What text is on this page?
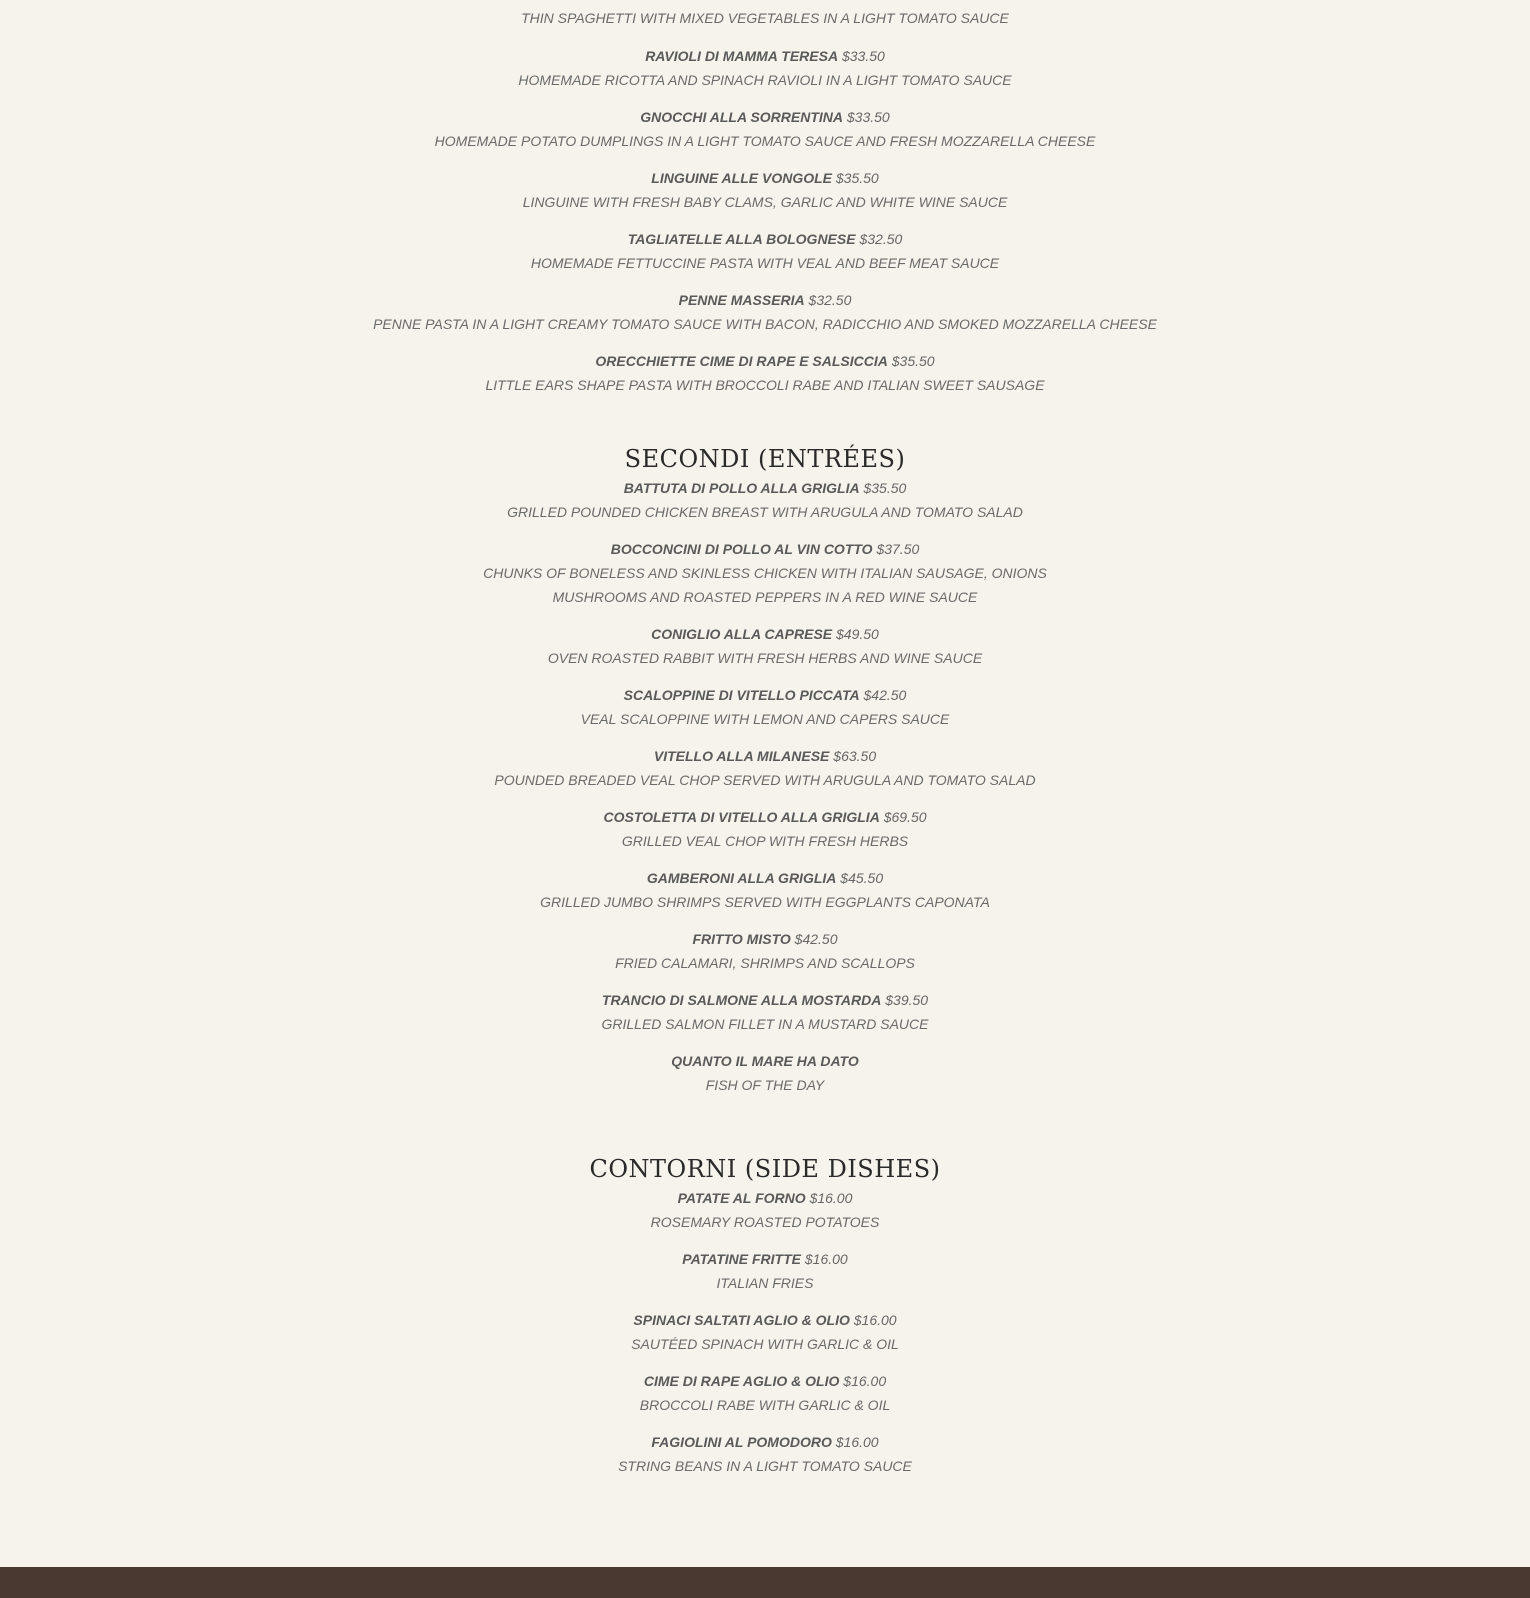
THIN SPAGHETTI WITH MIXED VEGETABLES IN A LIGHT TOMATO SAUCE
RAVIOLI DI MAMMA TERESA $33.50
HOMEMADE RICOTTA AND SPINACH RAVIOLI IN A LIGHT TOMATO SAUCE
GNOCCHI ALLA SORRENTINA $33.50
HOMEMADE POTATO DUMPLINGS IN A LIGHT TOMATO SAUCE AND FRESH MOZZARELLA CHEESE
LINGUINE ALLE VONGOLE $35.50
LINGUINE WITH FRESH BABY CLAMS, GARLIC AND WHITE WINE SAUCE
TAGLIATELLE ALLA BOLOGNESE $32.50
HOMEMADE FETTUCCINE PASTA WITH VEAL AND BEEF MEAT SAUCE
PENNE MASSERIA $32.50
PENNE PASTA IN A LIGHT CREAMY TOMATO SAUCE WITH BACON, RADICCHIO AND SMOKED MOZZARELLA CHEESE
ORECCHIETTE CIME DI RAPE E SALSICCIA $35.50
LITTLE EARS SHAPE PASTA WITH BROCCOLI RABE AND ITALIAN SWEET SAUSAGE
SECONDI (ENTRÉES)
BATTUTA DI POLLO ALLA GRIGLIA $35.50
GRILLED POUNDED CHICKEN BREAST WITH ARUGULA AND TOMATO SALAD
BOCCONCINI DI POLLO AL VIN COTTO $37.50
CHUNKS OF BONELESS AND SKINLESS CHICKEN WITH ITALIAN SAUSAGE, ONIONS
MUSHROOMS AND ROASTED PEPPERS IN A RED WINE SAUCE
CONIGLIO ALLA CAPRESE $49.50
OVEN ROASTED RABBIT WITH FRESH HERBS AND WINE SAUCE
SCALOPPINE DI VITELLO PICCATA $42.50
VEAL SCALOPPINE WITH LEMON AND CAPERS SAUCE
VITELLO ALLA MILANESE $63.50
POUNDED BREADED VEAL CHOP SERVED WITH ARUGULA AND TOMATO SALAD
COSTOLETTA DI VITELLO ALLA GRIGLIA $69.50
GRILLED VEAL CHOP WITH FRESH HERBS
GAMBERONI ALLA GRIGLIA $45.50
GRILLED JUMBO SHRIMPS SERVED WITH EGGPLANTS CAPONATA
FRITTO MISTO $42.50
FRIED CALAMARI, SHRIMPS AND SCALLOPS
TRANCIO DI SALMONE ALLA MOSTARDA $39.50
GRILLED SALMON FILLET IN A MUSTARD SAUCE
QUANTO IL MARE HA DATO
FISH OF THE DAY
CONTORNI (SIDE DISHES)
PATATE AL FORNO $16.00
ROSEMARY ROASTED POTATOES
PATATINE FRITTE $16.00
ITALIAN FRIES
SPINACI SALTATI AGLIO & OLIO $16.00
SAUTÉED SPINACH WITH GARLIC & OIL
CIME DI RAPE AGLIO & OLIO $16.00
BROCCOLI RABE WITH GARLIC & OIL
FAGIOLINI AL POMODORO $16.00
STRING BEANS IN A LIGHT TOMATO SAUCE
